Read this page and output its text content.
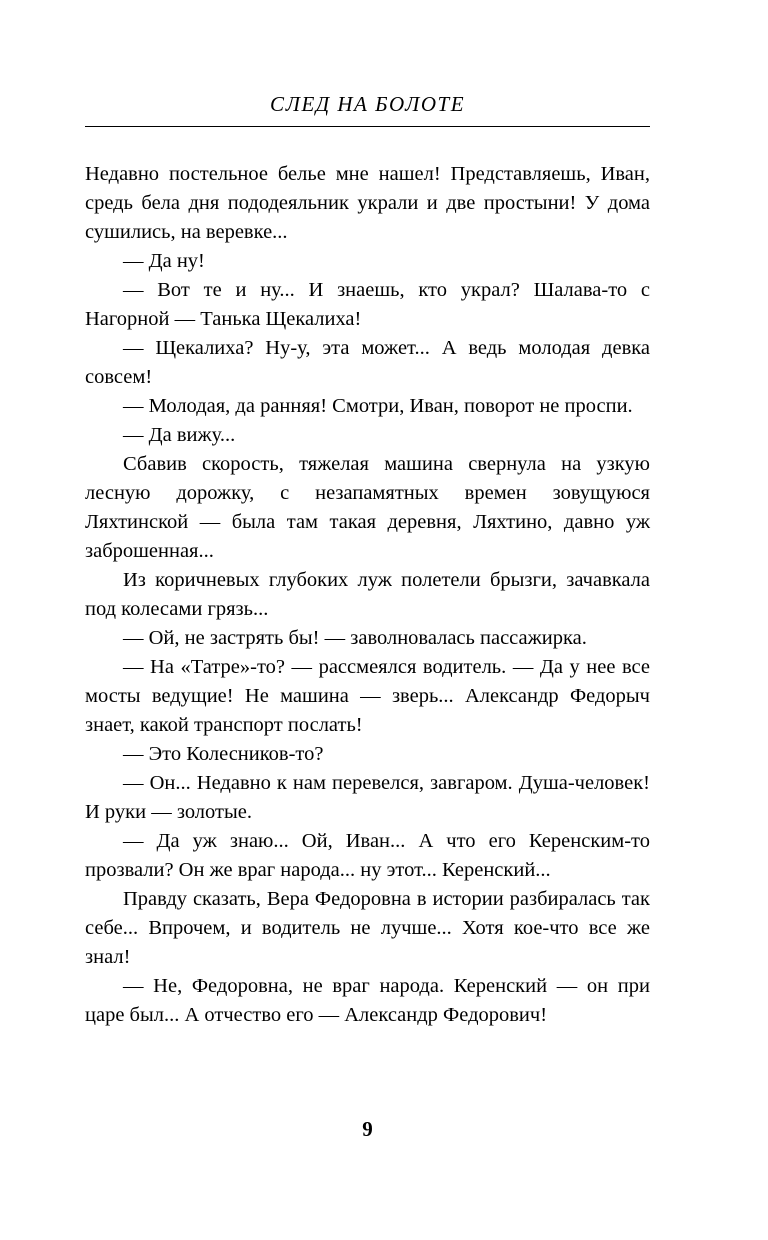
СЛЕД НА БОЛОТЕ

Недавно постельное белье мне нашел! Представляешь, Иван, средь бела дня пододеяльник украли и две простыни! У дома сушились, на веревке...

— Да ну!

— Вот те и ну... И знаешь, кто украл? Шалава-то с Нагорной — Танька Щекалиха!

— Щекалиха? Ну-у, эта может... А ведь молодая девка совсем!

— Молодая, да ранняя! Смотри, Иван, поворот не проспи.

— Да вижу...

Сбавив скорость, тяжелая машина свернула на узкую лесную дорожку, с незапамятных времен зовущуюся Ляхтинской — была там такая деревня, Ляхтино, давно уж заброшенная...

Из коричневых глубоких луж полетели брызги, зачавкала под колесами грязь...

— Ой, не застрять бы! — заволновалась пассажирка.

— На «Татре»-то? — рассмеялся водитель. — Да у нее все мосты ведущие! Не машина — зверь... Александр Федорыч знает, какой транспорт послать!

— Это Колесников-то?

— Он... Недавно к нам перевелся, завгаром. Душа-человек! И руки — золотые.

— Да уж знаю... Ой, Иван... А что его Керенским-то прозвали? Он же враг народа... ну этот... Керенский...

Правду сказать, Вера Федоровна в истории разбиралась так себе... Впрочем, и водитель не лучше... Хотя кое-что все же знал!

— Не, Федоровна, не враг народа. Керенский — он при царе был... А отчество его — Александр Федорович!

9
